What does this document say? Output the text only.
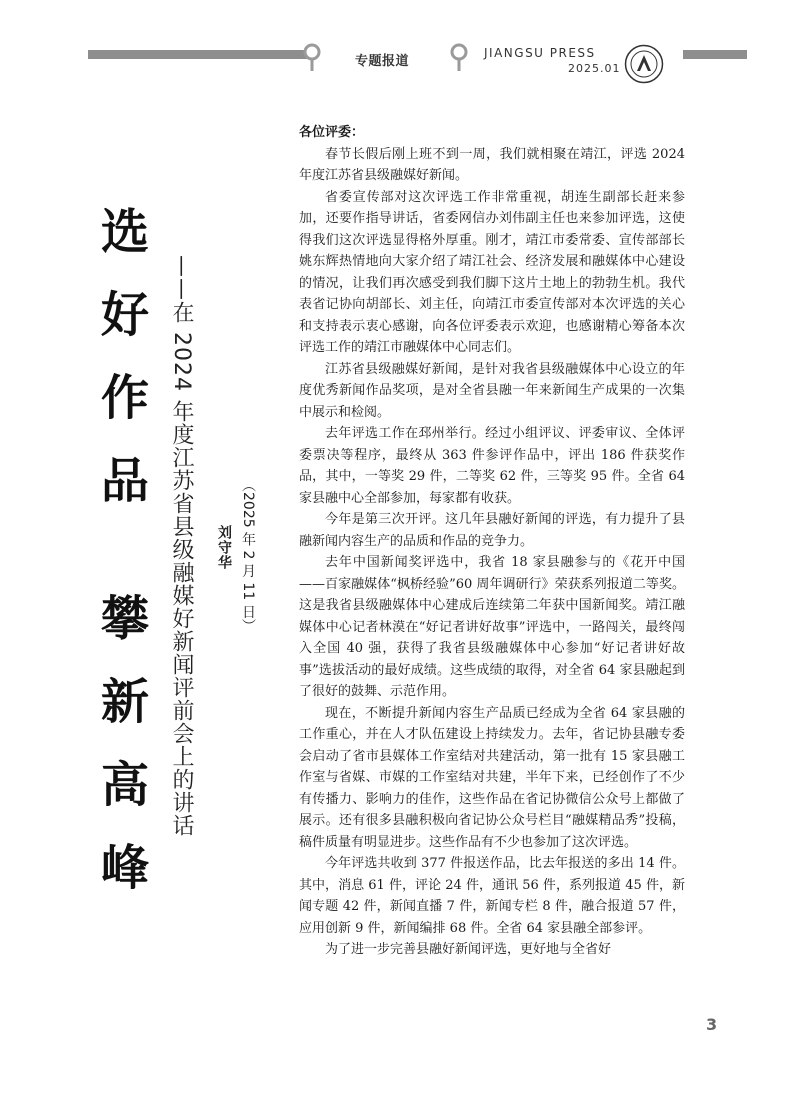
专题报道
JIANGSU PRESS
2025.01
选
好
作
品
攀
新
高
峰
——在 2024 年度江苏省县级融媒好新闻评前会上的讲话	（2025 年 2 月 11 日）
刘守华

各位评委：

春节长假后刚上班不到一周，我们就相聚在靖江，评选 2024 年度江苏省县级融媒好新闻。

省委宣传部对这次评选工作非常重视，胡连生副部长赶来参加，还要作指导讲话，省委网信办刘伟副主任也来参加评选，这使得我们这次评选显得格外厚重。刚才，靖江市委常委、宣传部部长姚东辉热情地向大家介绍了靖江社会、经济发展和融媒体中心建设的情况，让我们再次感受到我们脚下这片土地上的勃勃生机。我代表省记协向胡部长、刘主任，向靖江市委宣传部对本次评选的关心和支持表示衷心感谢，向各位评委表示欢迎，也感谢精心筹备本次评选工作的靖江市融媒体中心同志们。

江苏省县级融媒好新闻，是针对我省县级融媒体中心设立的年度优秀新闻作品奖项，是对全省县融一年来新闻生产成果的一次集中展示和检阅。

去年评选工作在邳州举行。经过小组评议、评委审议、全体评委票决等程序，最终从 363 件参评作品中，评出 186 件获奖作品，其中，一等奖 29 件，二等奖 62 件，三等奖 95 件。全省 64 家县融中心全部参加，每家都有收获。

今年是第三次开评。这几年县融好新闻的评选，有力提升了县融新闻内容生产的品质和作品的竞争力。

去年中国新闻奖评选中，我省 18 家县融参与的《花开中国 ——百家融媒体“枫桥经验”60 周年调研行》荣获系列报道二等奖。这是我省县级融媒体中心建成后连续第二年获中国新闻奖。靖江融媒体中心记者林漠在“好记者讲好故事”评选中，一路闯关，最终闯入全国 40 强，获得了我省县级融媒体中心参加“好记者讲好故事”选拔活动的最好成绩。这些成绩的取得，对全省 64 家县融起到了很好的鼓舞、示范作用。

现在，不断提升新闻内容生产品质已经成为全省 64 家县融的工作重心，并在人才队伍建设上持续发力。去年，省记协县融专委会启动了省市县媒体工作室结对共建活动，第一批有 15 家县融工作室与省媒、市媒的工作室结对共建，半年下来，已经创作了不少有传播力、影响力的佳作，这些作品在省记协微信公众号上都做了展示。还有很多县融积极向省记协公众号栏目“融媒精品秀”投稿，稿件质量有明显进步。这些作品有不少也参加了这次评选。

今年评选共收到 377 件报送作品，比去年报送的多出 14 件。其中，消息 61 件，评论 24 件，通讯 56 件，系列报道 45 件，新闻专题 42 件，新闻直播 7 件，新闻专栏 8 件，融合报道 57 件，应用创新 9 件，新闻编排 68 件。全省 64 家县融全部参评。

为了进一步完善县融好新闻评选，更好地与全省好

3
